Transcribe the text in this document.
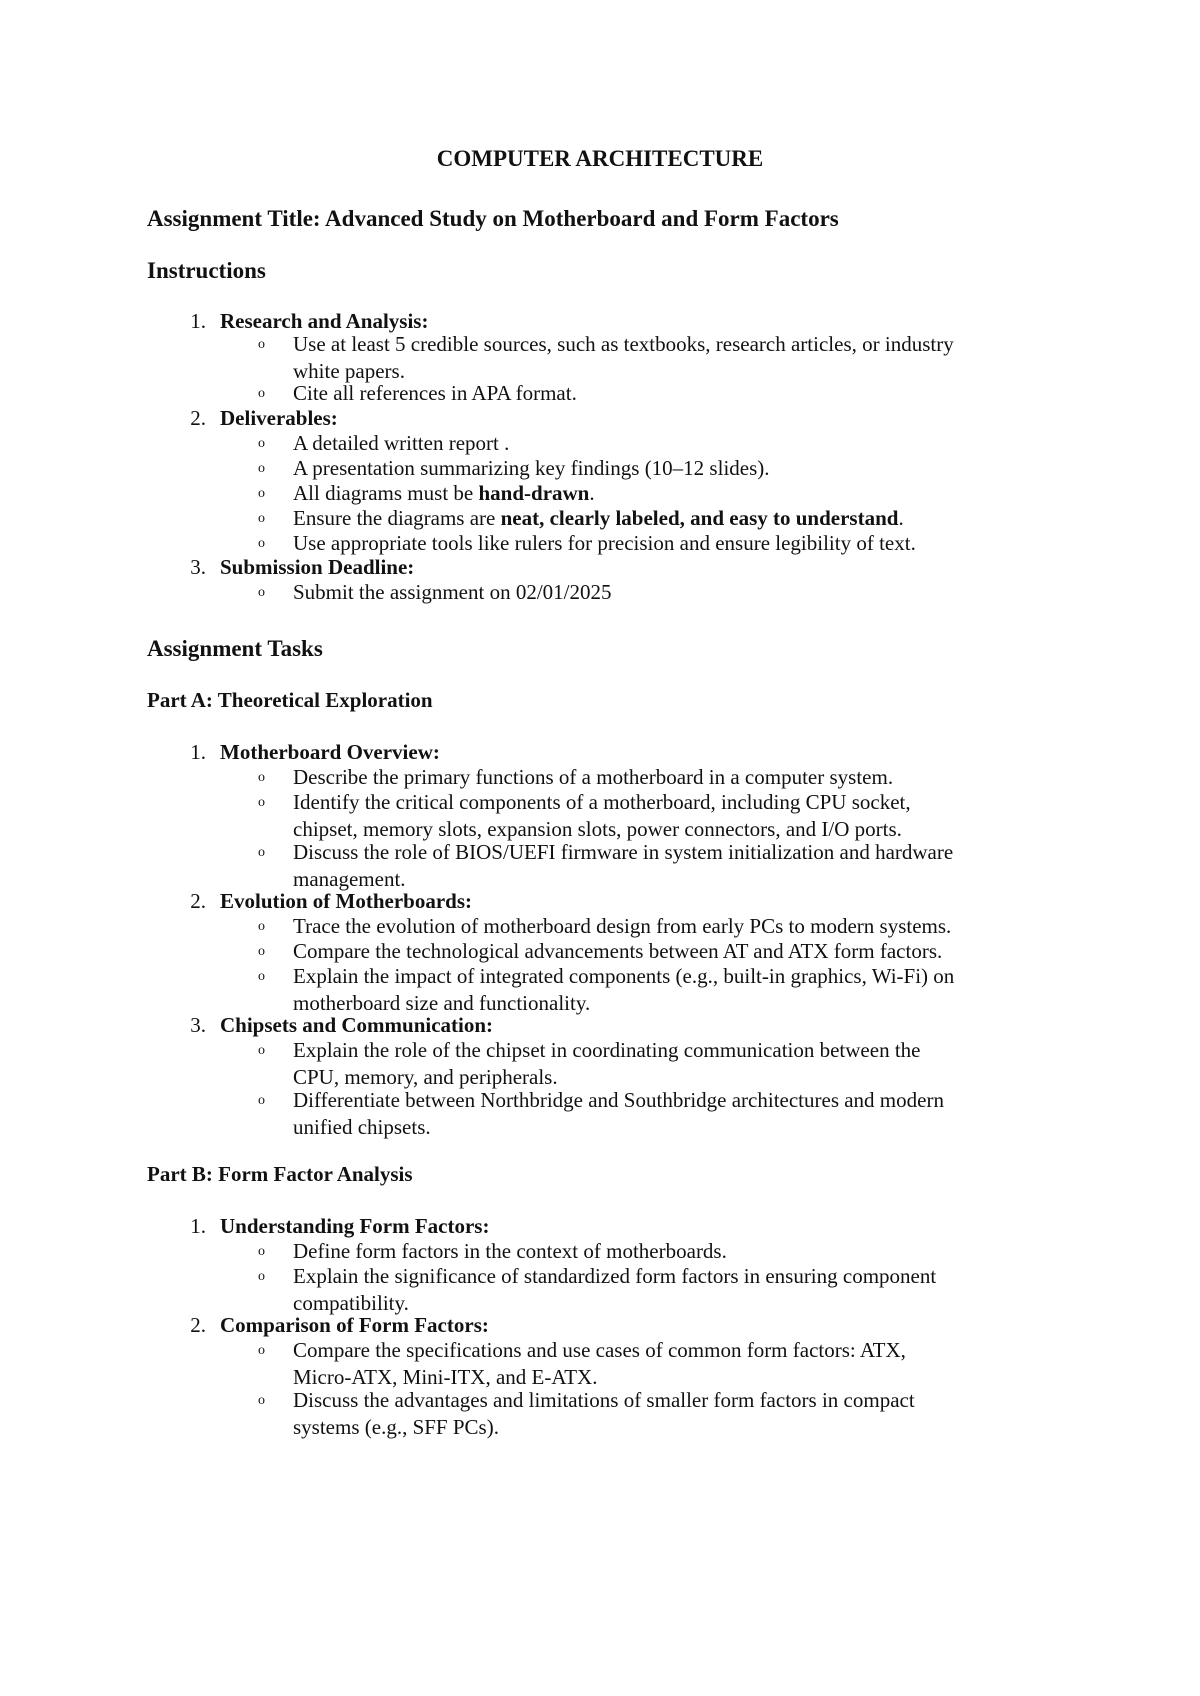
COMPUTER ARCHITECTURE
Assignment Title: Advanced Study on Motherboard and Form Factors
Instructions
1. Research and Analysis:
o Use at least 5 credible sources, such as textbooks, research articles, or industry
white papers.
o Cite all references in APA format.
2. Deliverables:
o A detailed written report .
o A presentation summarizing key findings (10–12 slides).
o All diagrams must be hand-drawn.
o Ensure the diagrams are neat, clearly labeled, and easy to understand.
o Use appropriate tools like rulers for precision and ensure legibility of text.
3. Submission Deadline:
o Submit the assignment on 02/01/2025
Assignment Tasks
Part A: Theoretical Exploration
1. Motherboard Overview:
o Describe the primary functions of a motherboard in a computer system.
o Identify the critical components of a motherboard, including CPU socket,
chipset, memory slots, expansion slots, power connectors, and I/O ports.
o Discuss the role of BIOS/UEFI firmware in system initialization and hardware
management.
2. Evolution of Motherboards:
o Trace the evolution of motherboard design from early PCs to modern systems.
o Compare the technological advancements between AT and ATX form factors.
o Explain the impact of integrated components (e.g., built-in graphics, Wi-Fi) on
motherboard size and functionality.
3. Chipsets and Communication:
o Explain the role of the chipset in coordinating communication between the
CPU, memory, and peripherals.
o Differentiate between Northbridge and Southbridge architectures and modern
unified chipsets.
Part B: Form Factor Analysis
1. Understanding Form Factors:
o Define form factors in the context of motherboards.
o Explain the significance of standardized form factors in ensuring component
compatibility.
2. Comparison of Form Factors:
o Compare the specifications and use cases of common form factors: ATX,
Micro-ATX, Mini-ITX, and E-ATX.
o Discuss the advantages and limitations of smaller form factors in compact
systems (e.g., SFF PCs).
